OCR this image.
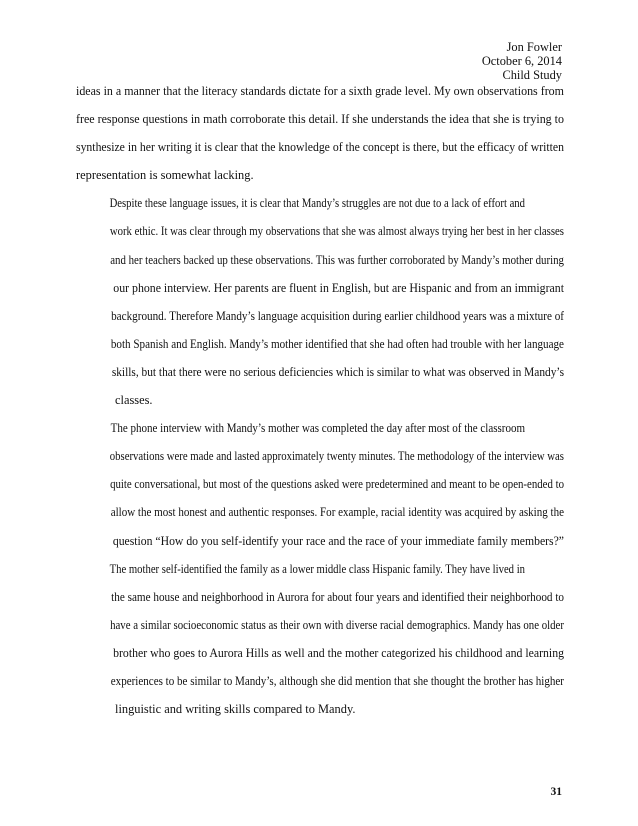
Jon Fowler
October 6, 2014
Child Study

ideas in a manner that the literacy standards dictate for a sixth grade level. My own observations from
free response questions in math corroborate this detail. If she understands the idea that she is trying to
synthesize in her writing it is clear that the knowledge of the concept is there, but the efficacy of written
representation is somewhat lacking.

Despite these language issues, it is clear that Mandy’s struggles are not due to a lack of effort and
work ethic. It was clear through my observations that she was almost always trying her best in her classes
and her teachers backed up these observations. This was further corroborated by Mandy’s mother during
our phone interview. Her parents are fluent in English, but are Hispanic and from an immigrant
background. Therefore Mandy’s language acquisition during earlier childhood years was a mixture of
both Spanish and English. Mandy’s mother identified that she had often had trouble with her language
skills, but that there were no serious deficiencies which is similar to what was observed in Mandy’s
classes.

The phone interview with Mandy’s mother was completed the day after most of the classroom
observations were made and lasted approximately twenty minutes. The methodology of the interview was
quite conversational, but most of the questions asked were predetermined and meant to be open-ended to
allow the most honest and authentic responses. For example, racial identity was acquired by asking the
question “How do you self-identify your race and the race of your immediate family members?”

The mother self-identified the family as a lower middle class Hispanic family. They have lived in
the same house and neighborhood in Aurora for about four years and identified their neighborhood to
have a similar socioeconomic status as their own with diverse racial demographics. Mandy has one older
brother who goes to Aurora Hills as well and the mother categorized his childhood and learning
experiences to be similar to Mandy’s, although she did mention that she thought the brother has higher
linguistic and writing skills compared to Mandy.

31
